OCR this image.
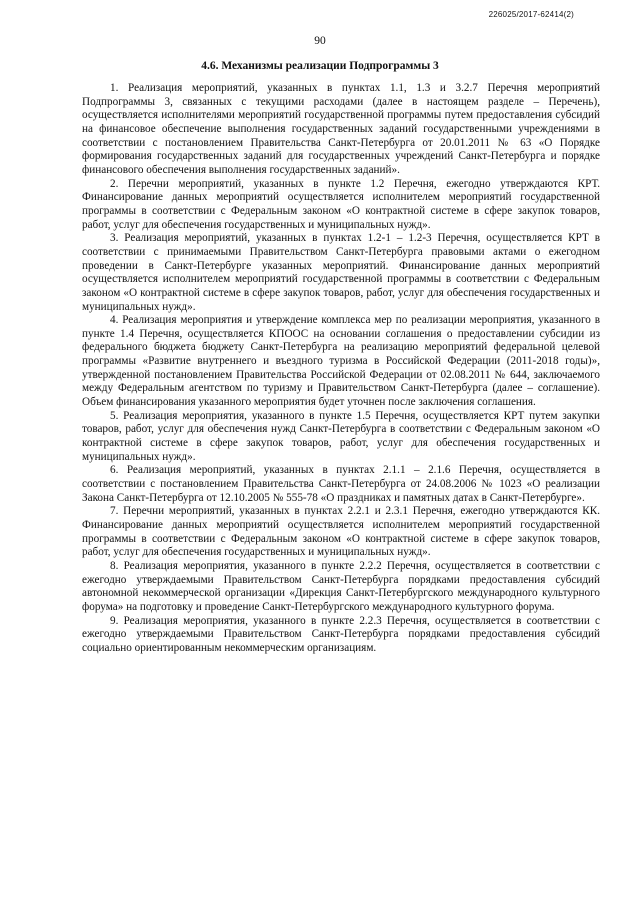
226025/2017-62414(2)
90
4.6. Механизмы реализации Подпрограммы 3

1. Реализация мероприятий, указанных в пунктах 1.1, 1.3 и 3.2.7 Перечня мероприятий Подпрограммы 3, связанных с текущими расходами (далее в настоящем разделе – Перечень), осуществляется исполнителями мероприятий государственной программы путем предоставления субсидий на финансовое обеспечение выполнения государственных заданий государственными учреждениями в соответствии с постановлением Правительства Санкт-Петербурга от 20.01.2011 № 63 «О Порядке формирования государственных заданий для государственных учреждений Санкт-Петербурга и порядке финансового обеспечения выполнения государственных заданий».

2. Перечни мероприятий, указанных в пункте 1.2 Перечня, ежегодно утверждаются КРТ. Финансирование данных мероприятий осуществляется исполнителем мероприятий государственной программы в соответствии с Федеральным законом «О контрактной системе в сфере закупок товаров, работ, услуг для обеспечения государственных и муниципальных нужд».

3. Реализация мероприятий, указанных в пунктах 1.2-1 – 1.2-3 Перечня, осуществляется КРТ в соответствии с принимаемыми Правительством Санкт-Петербурга правовыми актами о ежегодном проведении в Санкт-Петербурге указанных мероприятий. Финансирование данных мероприятий осуществляется исполнителем мероприятий государственной программы в соответствии с Федеральным законом «О контрактной системе в сфере закупок товаров, работ, услуг для обеспечения государственных и муниципальных нужд».

4. Реализация мероприятия и утверждение комплекса мер по реализации мероприятия, указанного в пункте 1.4 Перечня, осуществляется КПООС на основании соглашения о предоставлении субсидии из федерального бюджета бюджету Санкт-Петербурга на реализацию мероприятий федеральной целевой программы «Развитие внутреннего и въездного туризма в Российской Федерации (2011-2018 годы)», утвержденной постановлением Правительства Российской Федерации от 02.08.2011 № 644, заключаемого между Федеральным агентством по туризму и Правительством Санкт-Петербурга (далее – соглашение). Объем финансирования указанного мероприятия будет уточнен после заключения соглашения.

5. Реализация мероприятия, указанного в пункте 1.5 Перечня, осуществляется КРТ путем закупки товаров, работ, услуг для обеспечения нужд Санкт-Петербурга в соответствии с Федеральным законом «О контрактной системе в сфере закупок товаров, работ, услуг для обеспечения государственных и муниципальных нужд».

6. Реализация мероприятий, указанных в пунктах 2.1.1 – 2.1.6 Перечня, осуществляется в соответствии с постановлением Правительства Санкт-Петербурга от 24.08.2006 № 1023 «О реализации Закона Санкт-Петербурга от 12.10.2005 № 555-78 «О праздниках и памятных датах в Санкт-Петербурге».

7. Перечни мероприятий, указанных в пунктах 2.2.1 и 2.3.1 Перечня, ежегодно утверждаются КК. Финансирование данных мероприятий осуществляется исполнителем мероприятий государственной программы в соответствии с Федеральным законом «О контрактной системе в сфере закупок товаров, работ, услуг для обеспечения государственных и муниципальных нужд».

8. Реализация мероприятия, указанного в пункте 2.2.2 Перечня, осуществляется в соответствии с ежегодно утверждаемыми Правительством Санкт-Петербурга порядками предоставления субсидий автономной некоммерческой организации «Дирекция Санкт-Петербургского международного культурного форума» на подготовку и проведение Санкт-Петербургского международного культурного форума.

9. Реализация мероприятия, указанного в пункте 2.2.3 Перечня, осуществляется в соответствии с ежегодно утверждаемыми Правительством Санкт-Петербурга порядками предоставления субсидий социально ориентированным некоммерческим организациям.
